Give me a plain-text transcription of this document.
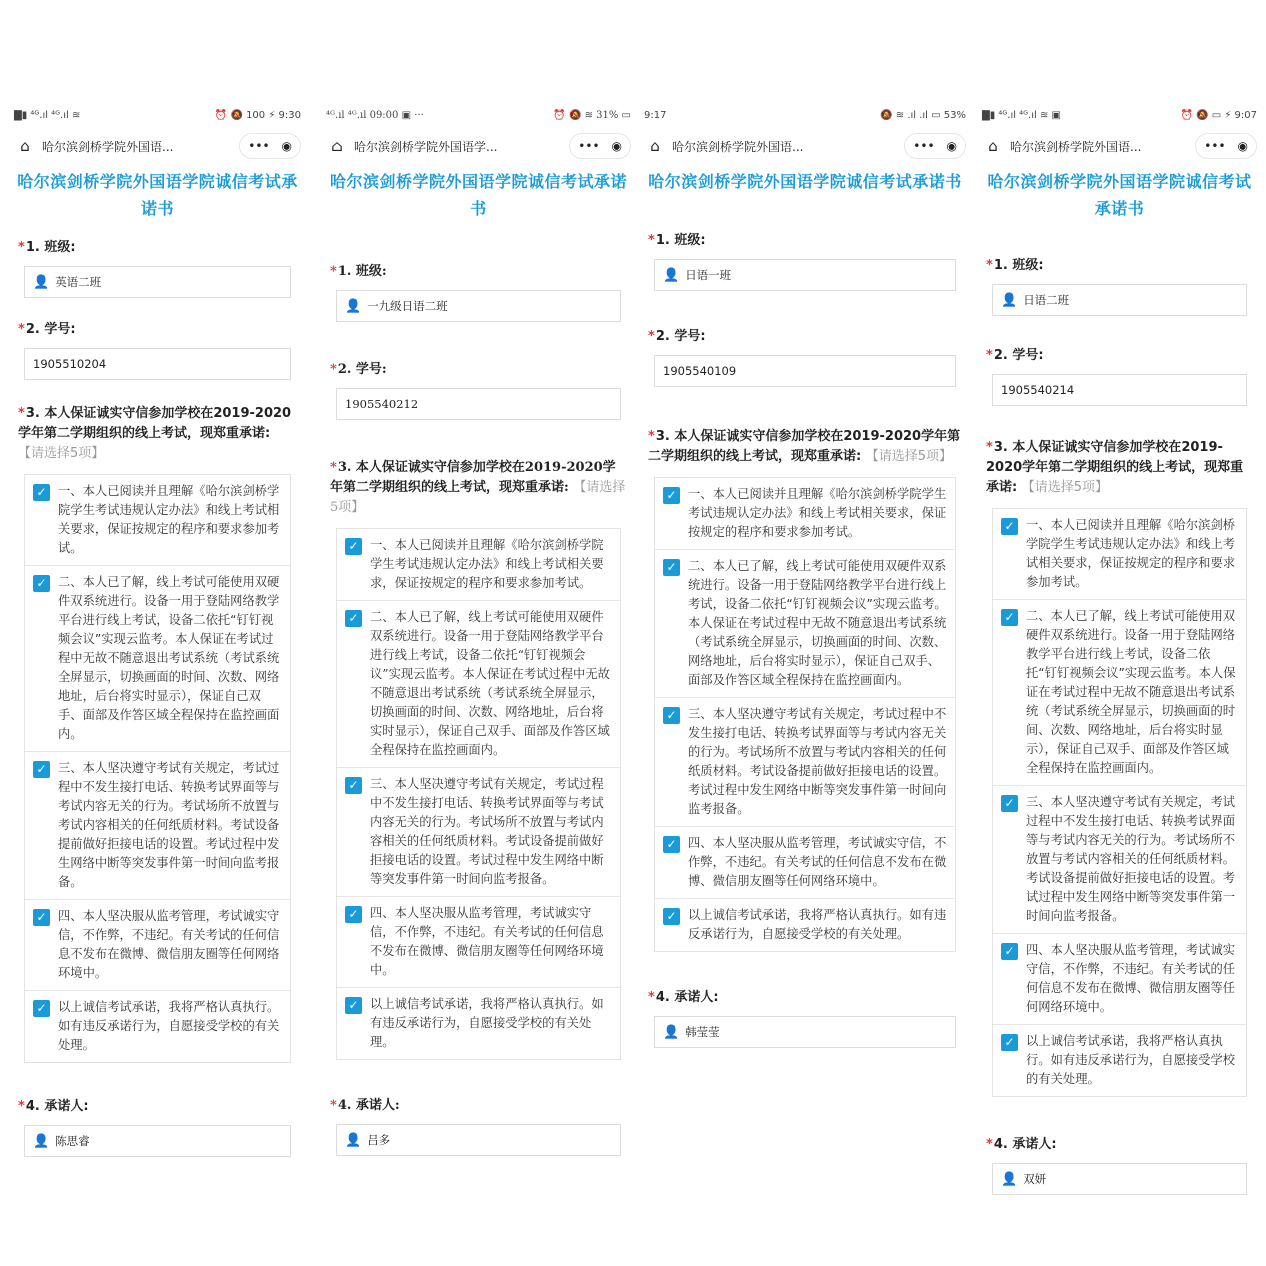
▇▮ ⁴ᴳ.ıl ⁴ᴳ.ıl ≋	⏰ 🔕 100 ⚡ 9:30
⌂	哈尔滨剑桥学院外国语...	••• ◉
哈尔滨剑桥学院外国语学院诚信考试承诺书
*1. 班级:
👤 英语二班
*2. 学号:
1905510204
*3. 本人保证诚实守信参加学校在2019-2020学年第二学期组织的线上考试，现郑重承诺: 【请选择5项】
✓ 一、本人已阅读并且理解《哈尔滨剑桥学院学生考试违规认定办法》和线上考试相关要求，保证按规定的程序和要求参加考试。
✓ 二、本人已了解，线上考试可能使用双硬件双系统进行。设备一用于登陆网络教学平台进行线上考试，设备二依托“钉钉视频会议”实现云监考。本人保证在考试过程中无故不随意退出考试系统（考试系统全屏显示，切换画面的时间、次数、网络地址，后台将实时显示），保证自己双手、面部及作答区域全程保持在监控画面内。
✓ 三、本人坚决遵守考试有关规定，考试过程中不发生接打电话、转换考试界面等与考试内容无关的行为。考试场所不放置与考试内容相关的任何纸质材料。考试设备提前做好拒接电话的设置。考试过程中发生网络中断等突发事件第一时间向监考报备。
✓ 四、本人坚决服从监考管理，考试诚实守信，不作弊，不违纪。有关考试的任何信息不发布在微博、微信朋友圈等任何网络环境中。
✓ 以上诚信考试承诺，我将严格认真执行。如有违反承诺行为，自愿接受学校的有关处理。
*4. 承诺人:
👤 陈思睿
⁴ᴳ.ıl ⁴ᴳ.ıl 09:00 ▣ ···	⏰ 🔕 ≋ 31% ▭
⌂ 哈尔滨剑桥学院外国语学...	••• ◉
哈尔滨剑桥学院外国语学院诚信考试承诺书
*1. 班级:
👤 一九级日语二班
*2. 学号:
1905540212
*3. 本人保证诚实守信参加学校在2019-2020学年第二学期组织的线上考试，现郑重承诺: 【请选择5项】
✓ 一、本人已阅读并且理解《哈尔滨剑桥学院学生考试违规认定办法》和线上考试相关要求，保证按规定的程序和要求参加考试。
✓ 二、本人已了解，线上考试可能使用双硬件双系统进行。设备一用于登陆网络教学平台进行线上考试，设备二依托“钉钉视频会议”实现云监考。本人保证在考试过程中无故不随意退出考试系统（考试系统全屏显示，切换画面的时间、次数、网络地址，后台将实时显示），保证自己双手、面部及作答区域全程保持在监控画面内。
✓ 三、本人坚决遵守考试有关规定，考试过程中不发生接打电话、转换考试界面等与考试内容无关的行为。考试场所不放置与考试内容相关的任何纸质材料。考试设备提前做好拒接电话的设置。考试过程中发生网络中断等突发事件第一时间向监考报备。
✓ 四、本人坚决服从监考管理，考试诚实守信，不作弊，不违纪。有关考试的任何信息不发布在微博、微信朋友圈等任何网络环境中。
✓ 以上诚信考试承诺，我将严格认真执行。如有违反承诺行为，自愿接受学校的有关处理。
*4. 承诺人:
👤 吕多
9:17	🔕 ≋ .ıl .ıl ▭ 53%
⌂	哈尔滨剑桥学院外国语...	••• ◉
哈尔滨剑桥学院外国语学院诚信考试承诺书
*1. 班级:
👤 日语一班
*2. 学号:
1905540109
*3. 本人保证诚实守信参加学校在2019-2020学年第二学期组织的线上考试，现郑重承诺: 【请选择5项】
✓ 一、本人已阅读并且理解《哈尔滨剑桥学院学生考试违规认定办法》和线上考试相关要求，保证按规定的程序和要求参加考试。
✓ 二、本人已了解，线上考试可能使用双硬件双系统进行。设备一用于登陆网络教学平台进行线上考试，设备二依托“钉钉视频会议”实现云监考。本人保证在考试过程中无故不随意退出考试系统（考试系统全屏显示，切换画面的时间、次数、网络地址，后台将实时显示），保证自己双手、面部及作答区域全程保持在监控画面内。
✓ 三、本人坚决遵守考试有关规定，考试过程中不发生接打电话、转换考试界面等与考试内容无关的行为。考试场所不放置与考试内容相关的任何纸质材料。考试设备提前做好拒接电话的设置。考试过程中发生网络中断等突发事件第一时间向监考报备。
✓ 四、本人坚决服从监考管理，考试诚实守信，不作弊，不违纪。有关考试的任何信息不发布在微博、微信朋友圈等任何网络环境中。
✓ 以上诚信考试承诺，我将严格认真执行。如有违反承诺行为，自愿接受学校的有关处理。
*4. 承诺人:
👤 韩莹莹
▇▮ ⁴ᴳ.ıl ⁴ᴳ.ıl ≋ ▣	⏰ 🔕 ▭ ⚡ 9:07
⌂	哈尔滨剑桥学院外国语...	••• ◉
哈尔滨剑桥学院外国语学院诚信考试承诺书
*1. 班级:
👤 日语二班
*2. 学号:
1905540214
*3. 本人保证诚实守信参加学校在2019-2020学年第二学期组织的线上考试，现郑重承诺: 【请选择5项】
✓ 一、本人已阅读并且理解《哈尔滨剑桥学院学生考试违规认定办法》和线上考试相关要求，保证按规定的程序和要求参加考试。
✓ 二、本人已了解，线上考试可能使用双硬件双系统进行。设备一用于登陆网络教学平台进行线上考试，设备二依托“钉钉视频会议”实现云监考。本人保证在考试过程中无故不随意退出考试系统（考试系统全屏显示，切换画面的时间、次数、网络地址，后台将实时显示），保证自己双手、面部及作答区域全程保持在监控画面内。
✓ 三、本人坚决遵守考试有关规定，考试过程中不发生接打电话、转换考试界面等与考试内容无关的行为。考试场所不放置与考试内容相关的任何纸质材料。考试设备提前做好拒接电话的设置。考试过程中发生网络中断等突发事件第一时间向监考报备。
✓ 四、本人坚决服从监考管理，考试诚实守信，不作弊，不违纪。有关考试的任何信息不发布在微博、微信朋友圈等任何网络环境中。
✓ 以上诚信考试承诺，我将严格认真执行。如有违反承诺行为，自愿接受学校的有关处理。
*4. 承诺人:
👤 双妍
